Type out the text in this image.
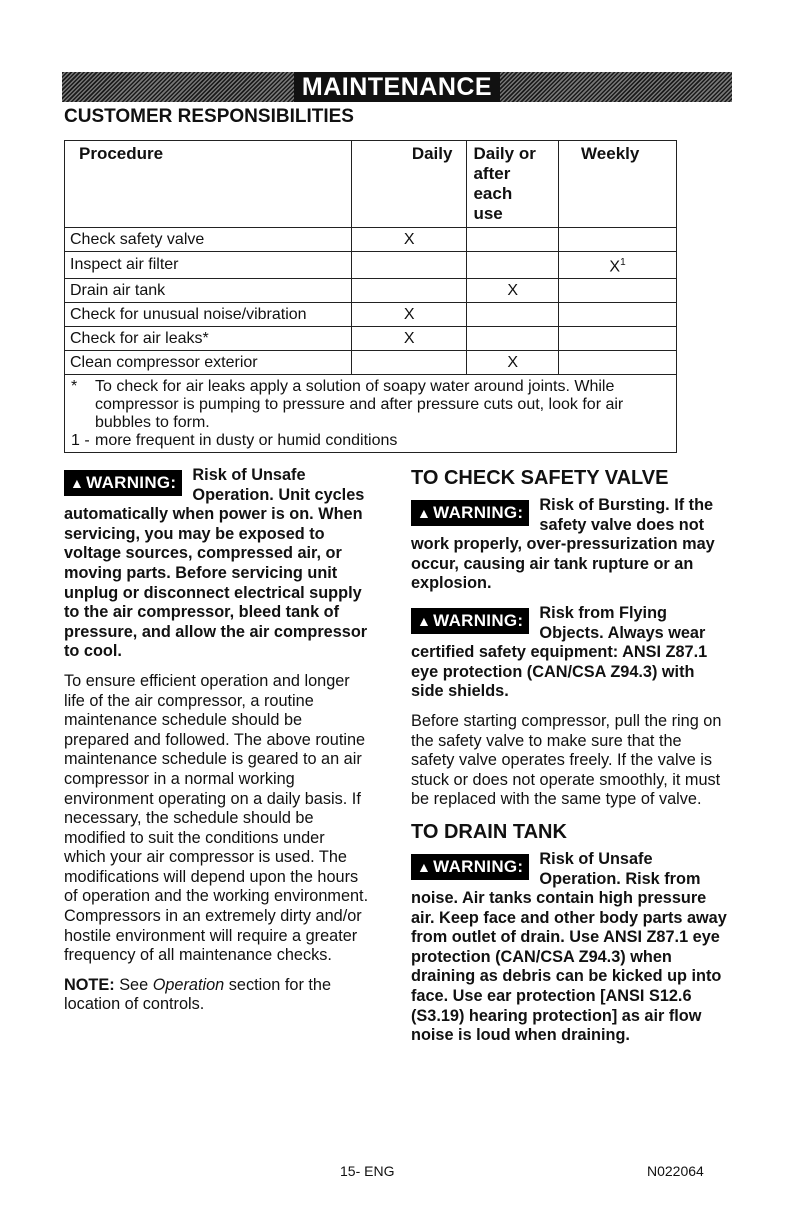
MAINTENANCE
CUSTOMER RESPONSIBILITIES
Procedure	Daily	Daily or after each use	Weekly
Check safety valve	X		
Inspect air filter			$X^1$
Drain air tank		X	
Check for unusual noise/vibration	X		
Check for air leaks*	X		
Clean compressor exterior		X	

* To check for air leaks apply a solution of soapy water around joints. While compressor is pumping to pressure and after pressure cuts out, look for air bubbles to form.
1 - more frequent in dusty or humid conditions			

▲ WARNING: Risk of Unsafe Operation. Unit cycles automatically when power is on. When servicing, you may be exposed to voltage sources, compressed air, or moving parts. Before servicing unit unplug or disconnect electrical supply to the air compressor, bleed tank of pressure, and allow the air compressor to cool.

To ensure efficient operation and longer life of the air compressor, a routine maintenance schedule should be prepared and followed. The above routine maintenance schedule is geared to an air compressor in a normal working environment operating on a daily basis. If necessary, the schedule should be modified to suit the conditions under which your air compressor is used. The modifications will depend upon the hours of operation and the working environment. Compressors in an extremely dirty and/or hostile environment will require a greater frequency of all maintenance checks.

NOTE: See Operation section for the location of controls.

TO CHECK SAFETY VALVE

▲ WARNING: Risk of Bursting. If the safety valve does not work properly, over-pressurization may occur, causing air tank rupture or an explosion.

▲ WARNING: Risk from Flying Objects. Always wear certified safety equipment: ANSI Z87.1 eye protection (CAN/CSA Z94.3) with side shields.

Before starting compressor, pull the ring on the safety valve to make sure that the safety valve operates freely. If the valve is stuck or does not operate smoothly, it must be replaced with the same type of valve.

TO DRAIN TANK

▲ WARNING: Risk of Unsafe Operation. Risk from noise. Air tanks contain high pressure air. Keep face and other body parts away from outlet of drain. Use ANSI Z87.1 eye protection (CAN/CSA Z94.3) when draining as debris can be kicked up into face. Use ear protection [ANSI S12.6 (S3.19) hearing protection] as air flow noise is loud when draining.

15- ENG	N022064
